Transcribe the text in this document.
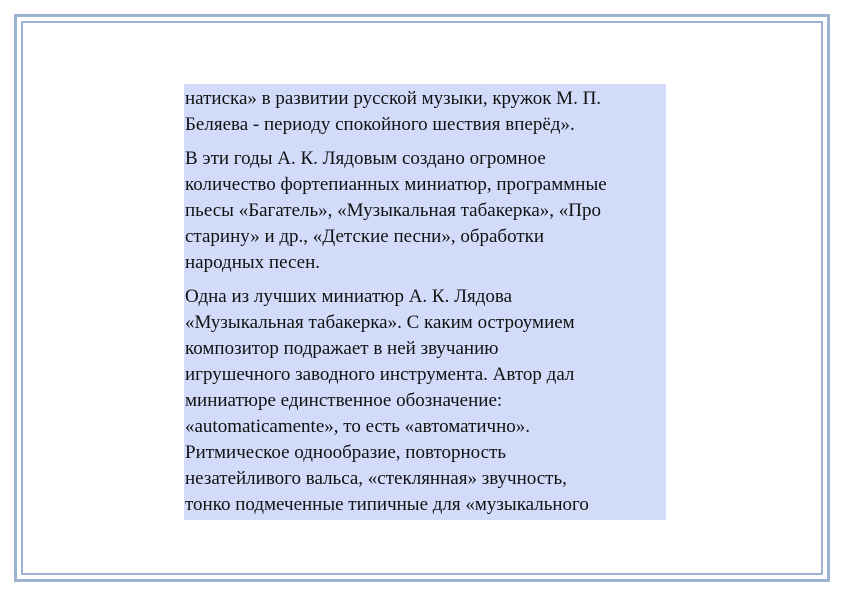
натиска» в развитии русской музыки, кружок М. П.
Беляева - периоду спокойного шествия вперёд».

В эти годы А. К. Лядовым создано огромное
количество фортепианных миниатюр, программные
пьесы «Багатель», «Музыкальная табакерка», «Про
старину» и др., «Детские песни», обработки
народных песен.

Одна из лучших миниатюр А. К. Лядова
«Музыкальная табакерка». С каким остроумием
композитор подражает в ней звучанию
игрушечного заводного инструмента. Автор дал
миниатюре единственное обозначение:
«automaticamente», то есть «автоматично».
Ритмическое однообразие, повторность
незатейливого вальса, «стеклянная» звучность,
тонко подмеченные типичные для «музыкального
